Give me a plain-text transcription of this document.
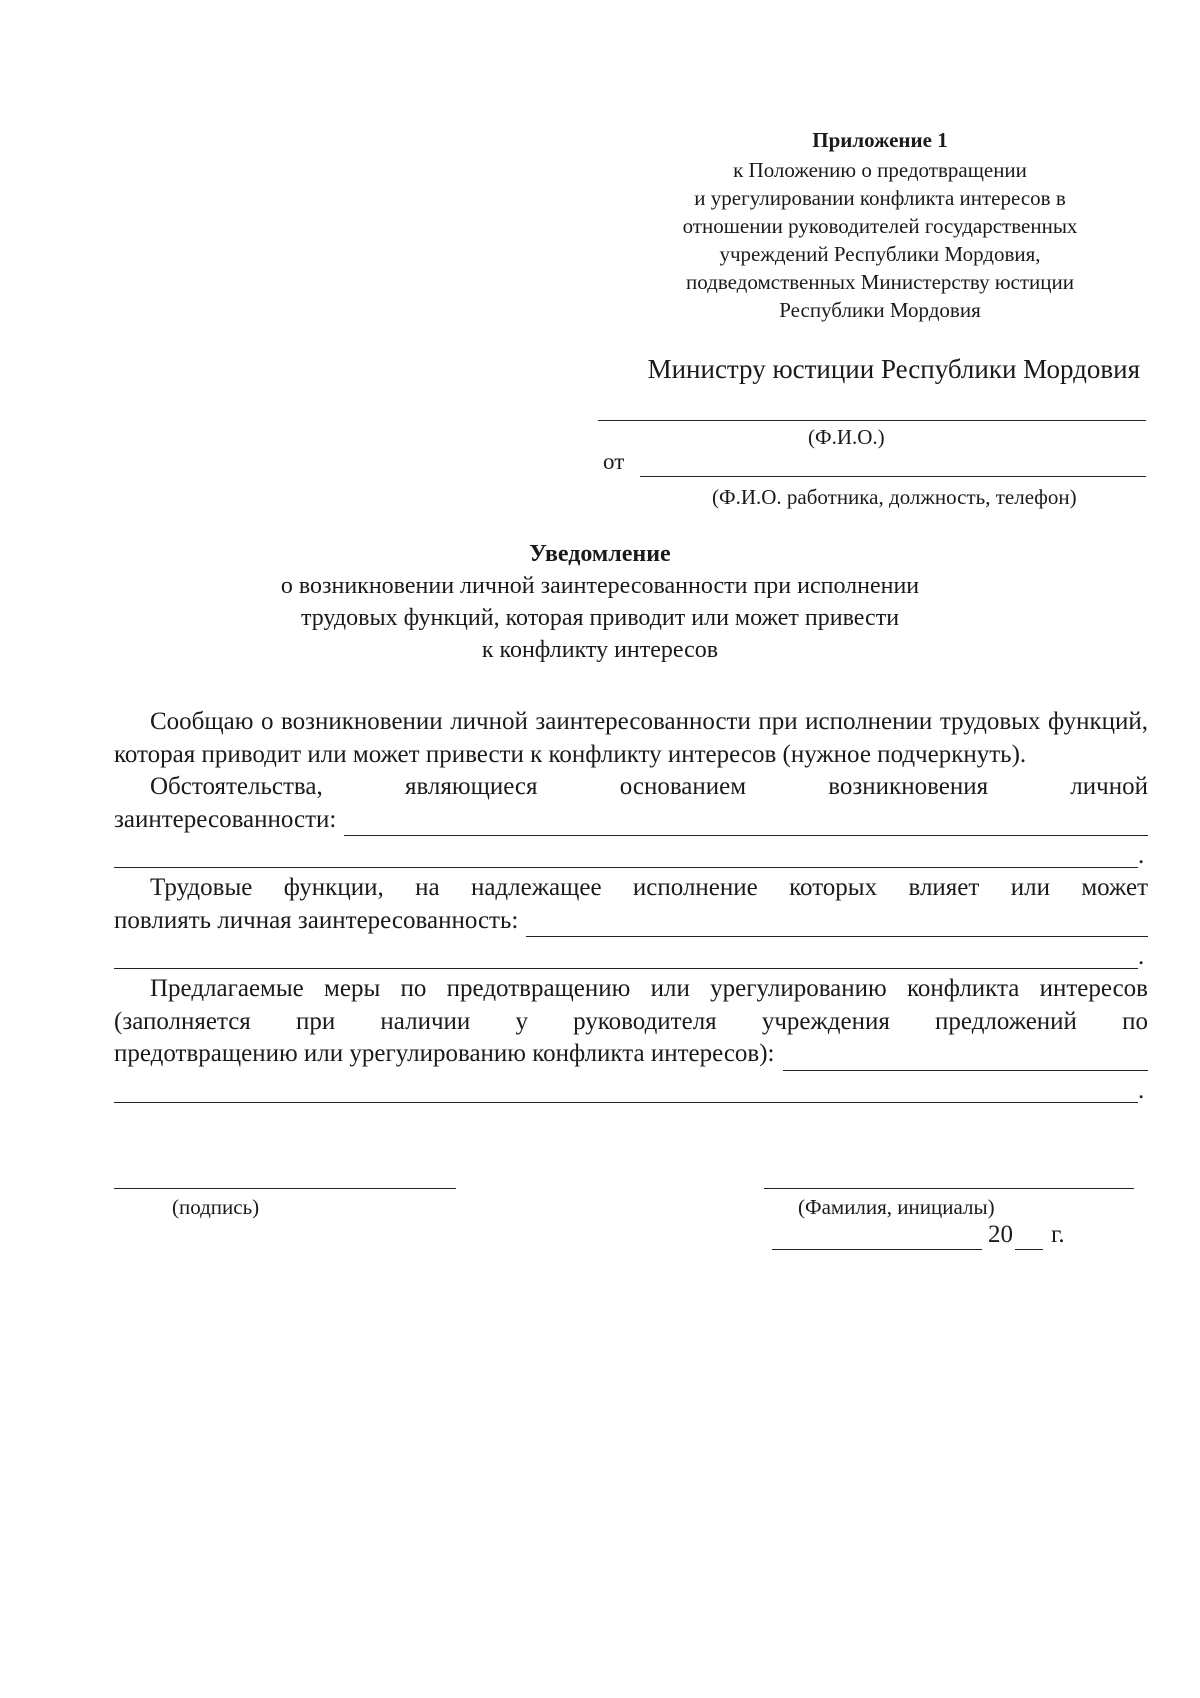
Приложение 1
к Положению о предотвращении
и урегулировании конфликта интересов в
отношении руководителей государственных
учреждений Республики Мордовия,
подведомственных Министерству юстиции
Республики Мордовия
Министру юстиции Республики Мордовия
(Ф.И.О.)
от
(Ф.И.О. работника, должность, телефон)
Уведомление
о возникновении личной заинтересованности при исполнении
трудовых функций, которая приводит или может привести
к конфликту интересов

Сообщаю о возникновении личной заинтересованности при исполнении трудовых функций, которая приводит или может привести к конфликту интересов (нужное подчеркнуть).

Обстоятельства, являющиеся основанием возникновения личной

заинтересованности:
.

Трудовые функции, на надлежащее исполнение которых влияет или может

повлиять личная заинтересованность:
.

Предлагаемые меры по предотвращению или урегулированию конфликта интересов (заполняется при наличии у руководителя учреждения предложений по

предотвращению или урегулированию конфликта интересов):
.
(подпись)	(Фамилия, инициалы)
20 г.
